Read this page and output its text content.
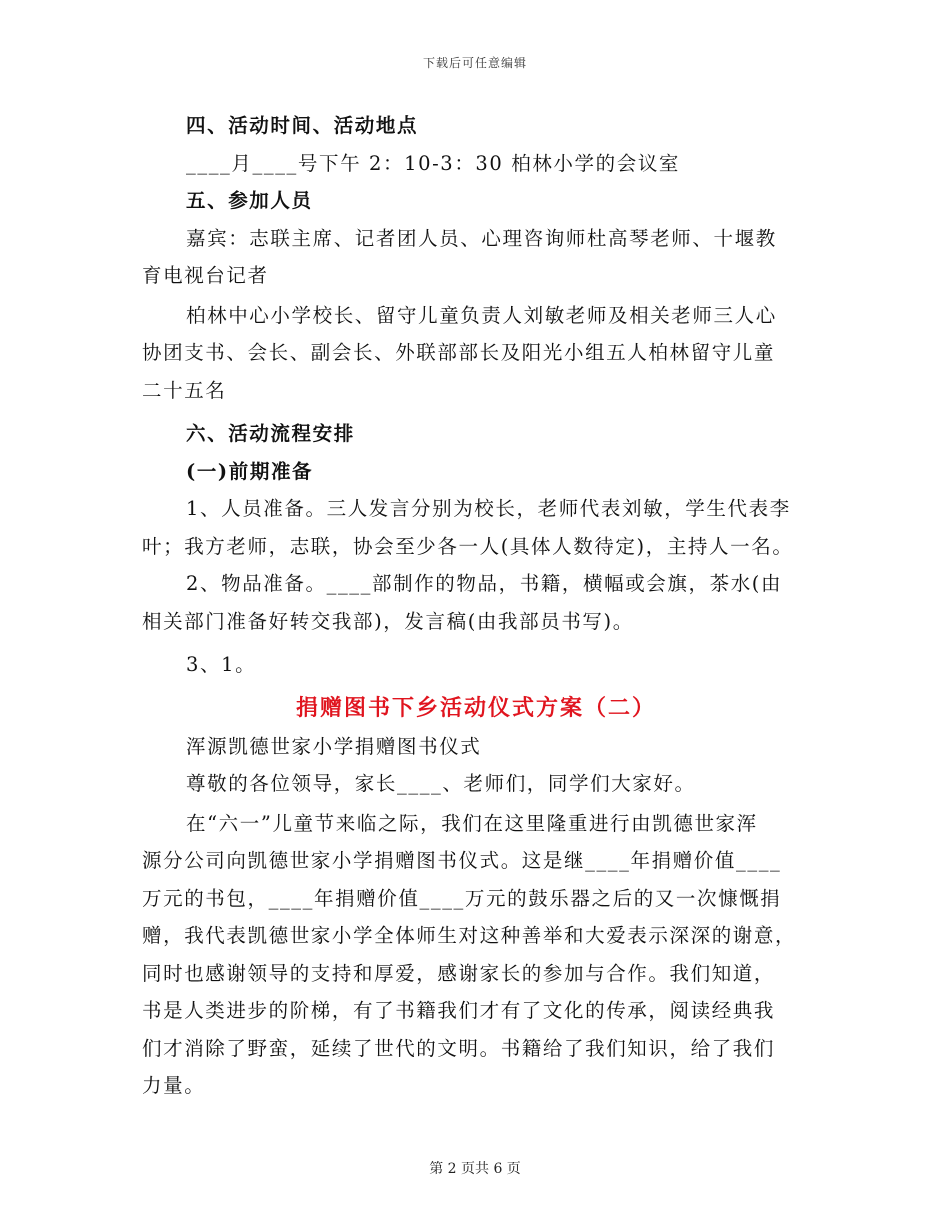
下载后可任意编辑
四、活动时间、活动地点
____月____号下午 2：10-3：30 柏林小学的会议室
五、参加人员
嘉宾：志联主席、记者团人员、心理咨询师杜高琴老师、十堰教
育电视台记者
柏林中心小学校长、留守儿童负责人刘敏老师及相关老师三人心
协团支书、会长、副会长、外联部部长及阳光小组五人柏林留守儿童
二十五名
六、活动流程安排
(一)前期准备
1、人员准备。三人发言分别为校长，老师代表刘敏，学生代表李
叶；我方老师，志联，协会至少各一人(具体人数待定)，主持人一名。
2、物品准备。____部制作的物品，书籍，横幅或会旗，茶水(由
相关部门准备好转交我部)，发言稿(由我部员书写)。
3、1。
捐赠图书下乡活动仪式方案（二）
浑源凯德世家小学捐赠图书仪式
尊敬的各位领导，家长____、老师们，同学们大家好。
在“六一”儿童节来临之际，我们在这里隆重进行由凯德世家浑
源分公司向凯德世家小学捐赠图书仪式。这是继____年捐赠价值____
万元的书包，____年捐赠价值____万元的鼓乐器之后的又一次慷慨捐
赠，我代表凯德世家小学全体师生对这种善举和大爱表示深深的谢意，
同时也感谢领导的支持和厚爱，感谢家长的参加与合作。我们知道，
书是人类进步的阶梯，有了书籍我们才有了文化的传承，阅读经典我
们才消除了野蛮，延续了世代的文明。书籍给了我们知识，给了我们
力量。
第 2 页共 6 页
